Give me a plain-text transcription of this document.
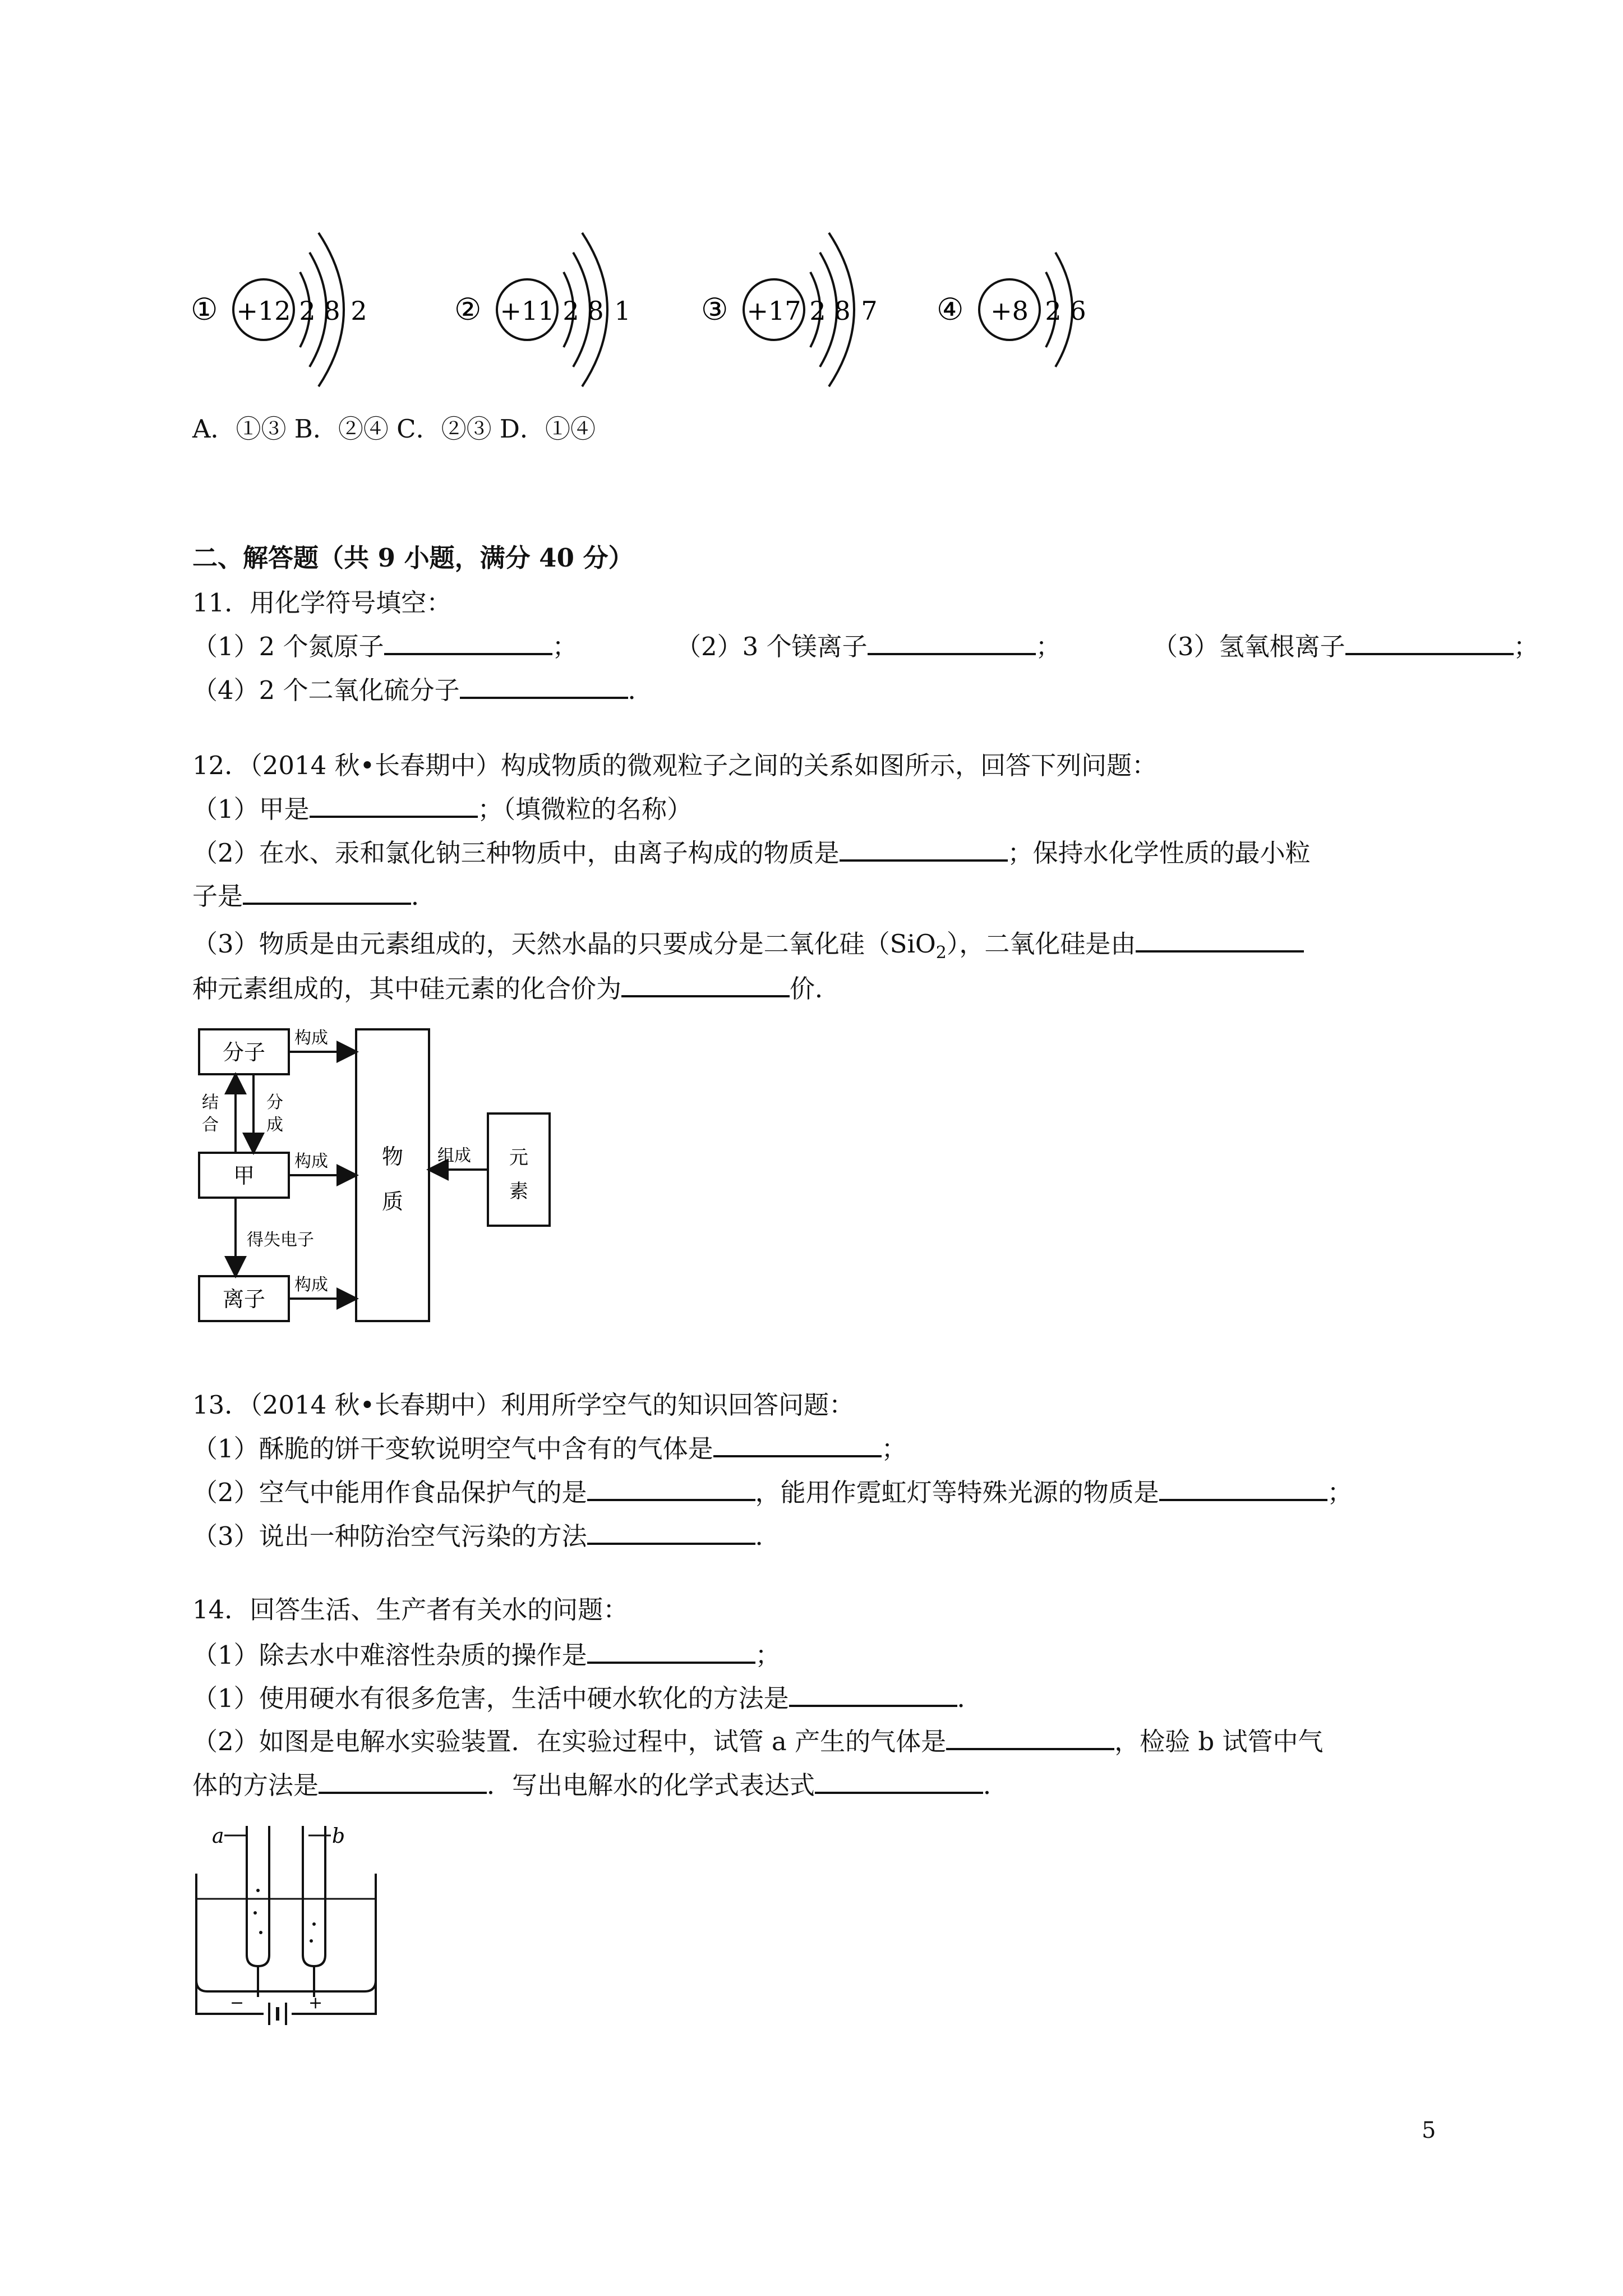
① +12 2 8 2	② +11 2 8 1 ③ +17 2 8 7 ④ +8 2 6
A．①③ B．②④ C．②③ D．①④
二、解答题（共 9 小题，满分 40 分）
11．用化学符号填空：
（1）2 个氮原子	；	（2）3 个镁离子	；	（3）氢氧根离子	；
（4）2 个二氧化硫分子	．
12．（2014 秋•长春期中）构成物质的微观粒子之间的关系如图所示，回答下列问题：
（1）甲是	；（填微粒的名称）
（2）在水、汞和氯化钠三种物质中，由离子构成的物质是	；保持水化学性质的最小粒
子是	．
（3）物质是由元素组成的，天然水晶的只要成分是二氧化硅（SiO$_2$），二氧化硅是由
种元素组成的，其中硅元素的化合价为	价．
分子
甲
离子
物
质
元
素
构成
构成
构成
组成
结
合
分
成
得失电子
13．（2014 秋•长春期中）利用所学空气的知识回答问题：
（1）酥脆的饼干变软说明空气中含有的气体是	；
（2）空气中能用作食品保护气的是	，能用作霓虹灯等特殊光源的物质是	；
（3）说出一种防治空气污染的方法	．
14．回答生活、生产者有关水的问题：
（1）除去水中难溶性杂质的操作是	；
（1）使用硬水有很多危害，生活中硬水软化的方法是	．
（2）如图是电解水实验装置．在实验过程中，试管 a 产生的气体是	，检验 b 试管中气
体的方法是	．写出电解水的化学式表达式	．
a	b
−	+
5
